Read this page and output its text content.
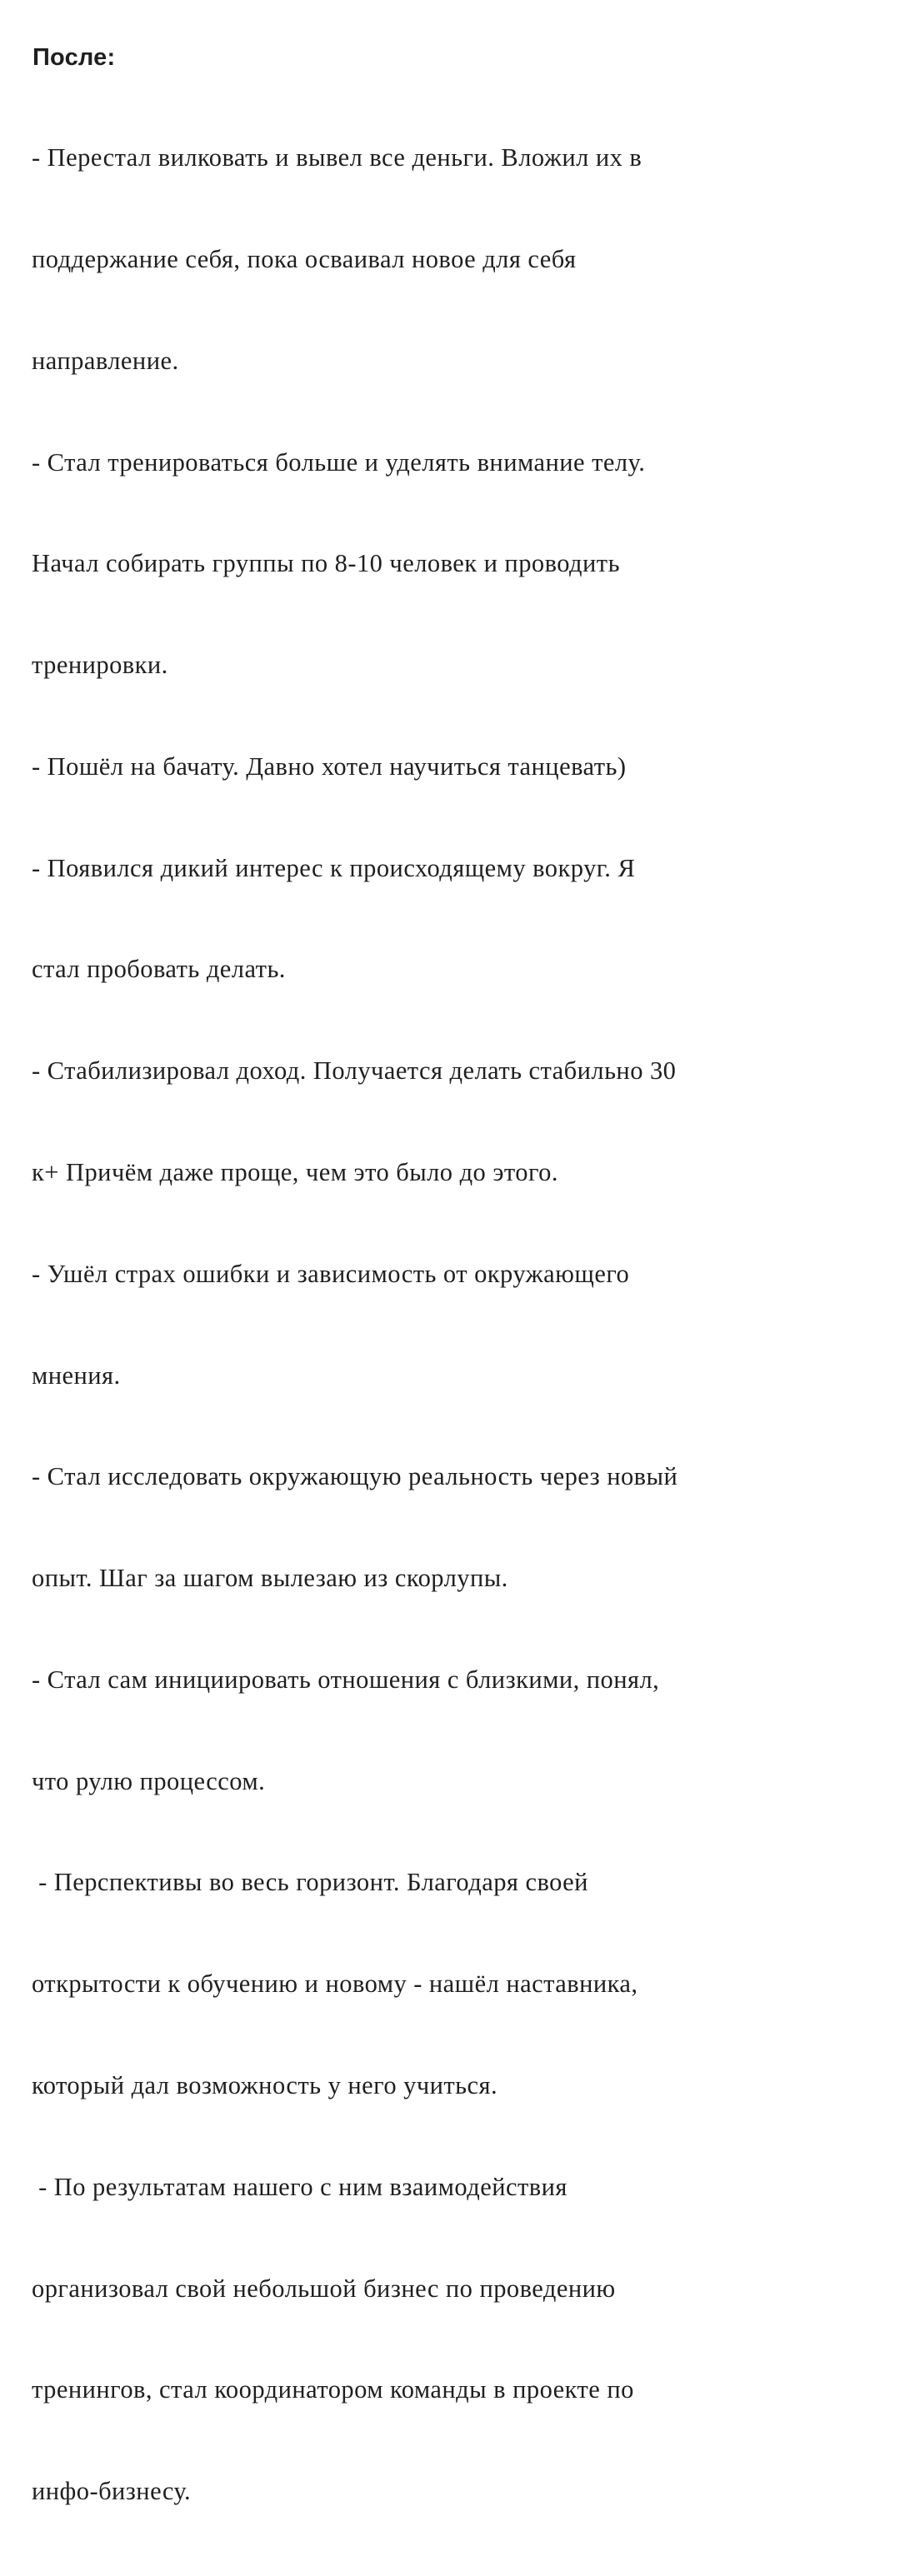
После:

- Перестал вилковать и вывел все деньги. Вложил их в

поддержание себя, пока осваивал новое для себя

направление.

- Стал тренироваться больше и уделять внимание телу.

Начал собирать группы по 8-10 человек и проводить

тренировки.

- Пошёл на бачату. Давно хотел научиться танцевать)

- Появился дикий интерес к происходящему вокруг. Я

стал пробовать делать.

- Стабилизировал доход. Получается делать стабильно 30

к+ Причём даже проще, чем это было до этого.

- Ушёл страх ошибки и зависимость от окружающего

мнения.

- Стал исследовать окружающую реальность через новый

опыт. Шаг за шагом вылезаю из скорлупы.

- Стал сам инициировать отношения с близкими, понял,

что рулю процессом.

- Перспективы во весь горизонт. Благодаря своей

открытости к обучению и новому - нашёл наставника,

который дал возможность у него учиться.

- По результатам нашего с ним взаимодействия

организовал свой небольшой бизнес по проведению

тренингов, стал координатором команды в проекте по

инфо-бизнесу.
